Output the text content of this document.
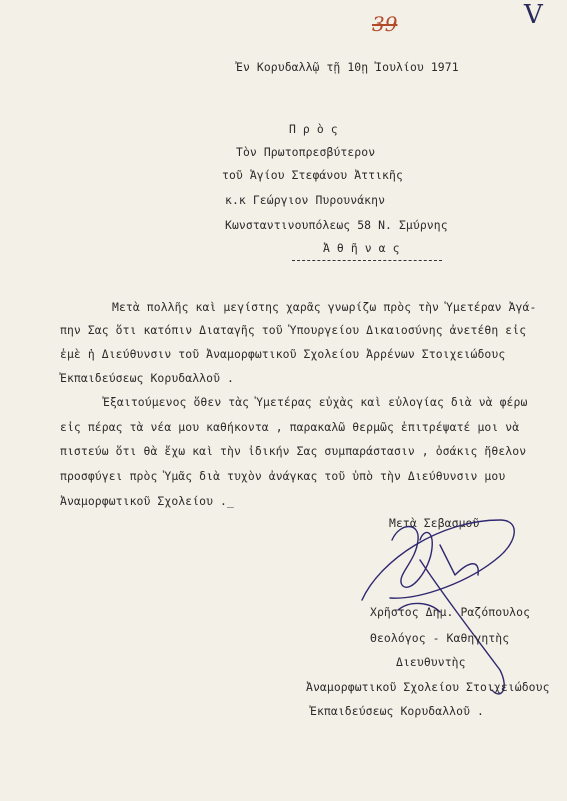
39	V
Ἐν Κορυδαλλῷ τῇ 10ῃ Ἰουλίου 1971
Π ρ ὸ ς
Τὸν Πρωτοπρεσβύτερον
τοῦ Ἁγίου Στεφάνου Ἀττικῆς
κ.κ Γεώργιον Πυρουνάκην
Κωνσταντινουπόλεως 58 Ν. Σμύρνης
Ἀ θ ῆ ν α ς
Μετὰ πολλῆς καὶ μεγίστης χαρᾶς γνωρίζω πρὸς τὴν Ὑμετέραν Ἀγά-
πην Σας ὅτι κατόπιν Διαταγῆς τοῦ Ὑπουργείου Δικαιοσύνης ἀνετέθη εἰς
ἐμὲ ἡ Διεύθυνσιν τοῦ Ἀναμορφωτικοῦ Σχολείου Ἀρρένων Στοιχειώδους
Ἐκπαιδεύσεως Κορυδαλλοῦ .
Ἐξαιτούμενος ὅθεν τὰς Ὑμετέρας εὐχὰς καὶ εὐλογίας διὰ νὰ φέρω
εἰς πέρας τὰ νέα μου καθήκοντα , παρακαλῶ θερμῶς ἐπιτρέψατέ μοι νὰ
πιστεύω ὅτι θὰ ἔχω καὶ τὴν ἰδικήν Σας συμπαράστασιν , ὁσάκις ἤθελον
προσφύγει πρὸς Ὑμᾶς διὰ τυχὸν ἀνάγκας τοῦ ὑπὸ τὴν Διεύθυνσιν μου
Ἀναμορφωτικοῦ Σχολείου ._
Μετὰ Σεβασμοῦ
Χρῆστος Δημ. Ραζόπουλος
Θεολόγος - Καθηγητὴς
Διευθυντὴς
Ἀναμορφωτικοῦ Σχολείου Στοιχειώδους
Ἐκπαιδεύσεως Κορυδαλλοῦ .
